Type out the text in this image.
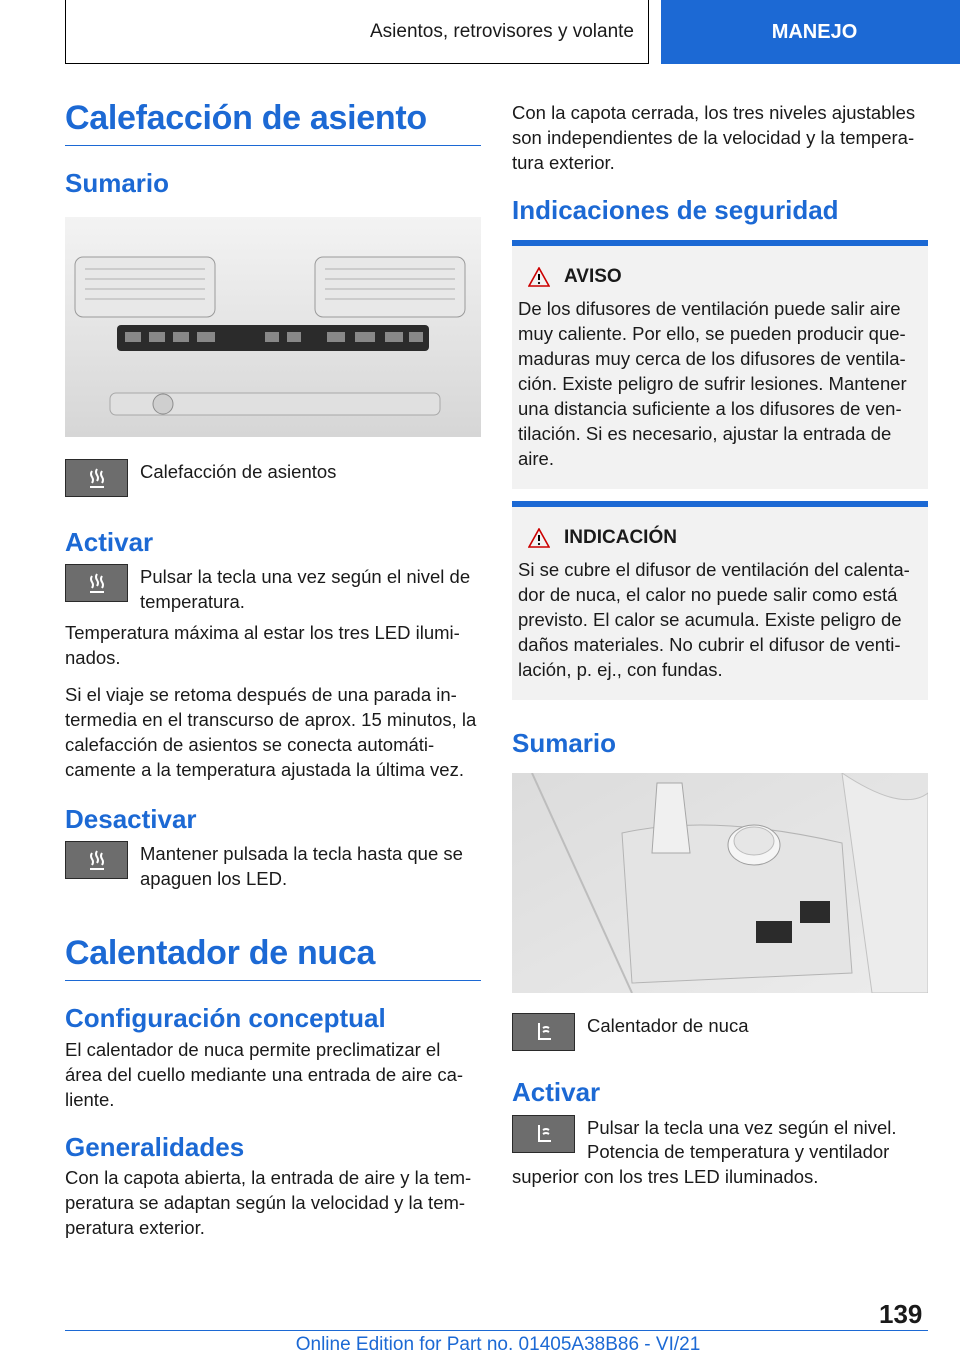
Asientos, retrovisores y volante	MANEJO
Calefacción de asiento
Sumario
Calefacción de asientos
Activar
Pulsar la tecla una vez según el nivel de temperatura.

Temperatura máxima al estar los tres LED iluminados.

Si el viaje se retoma después de una parada intermedia en el transcurso de aprox. 15 minutos, la calefacción de asientos se conecta automáticamente a la temperatura ajustada la última vez.

Desactivar
Mantener pulsada la tecla hasta que se apaguen los LED.
Calentador de nuca
Configuración conceptual

El calentador de nuca permite preclimatizar el área del cuello mediante una entrada de aire caliente.

Generalidades

Con la capota abierta, la entrada de aire y la temperatura se adaptan según la velocidad y la temperatura exterior.

Con la capota cerrada, los tres niveles ajustables son independientes de la velocidad y la temperatura exterior.

Indicaciones de seguridad
AVISO

De los difusores de ventilación puede salir aire muy caliente. Por ello, se pueden producir quemaduras muy cerca de los difusores de ventilación. Existe peligro de sufrir lesiones. Mantener una distancia suficiente a los difusores de ventilación. Si es necesario, ajustar la entrada de aire.

INDICACIÓN

Si se cubre el difusor de ventilación del calentador de nuca, el calor no puede salir como está previsto. El calor se acumula. Existe peligro de daños materiales. No cubrir el difusor de ventilación, p. ej., con fundas.

Sumario
Calentador de nuca
Activar
Pulsar la tecla una vez según el nivel.

Potencia de temperatura y ventilador superior con los tres LED iluminados.

139
Online Edition for Part no. 01405A38B86 - VI/21
